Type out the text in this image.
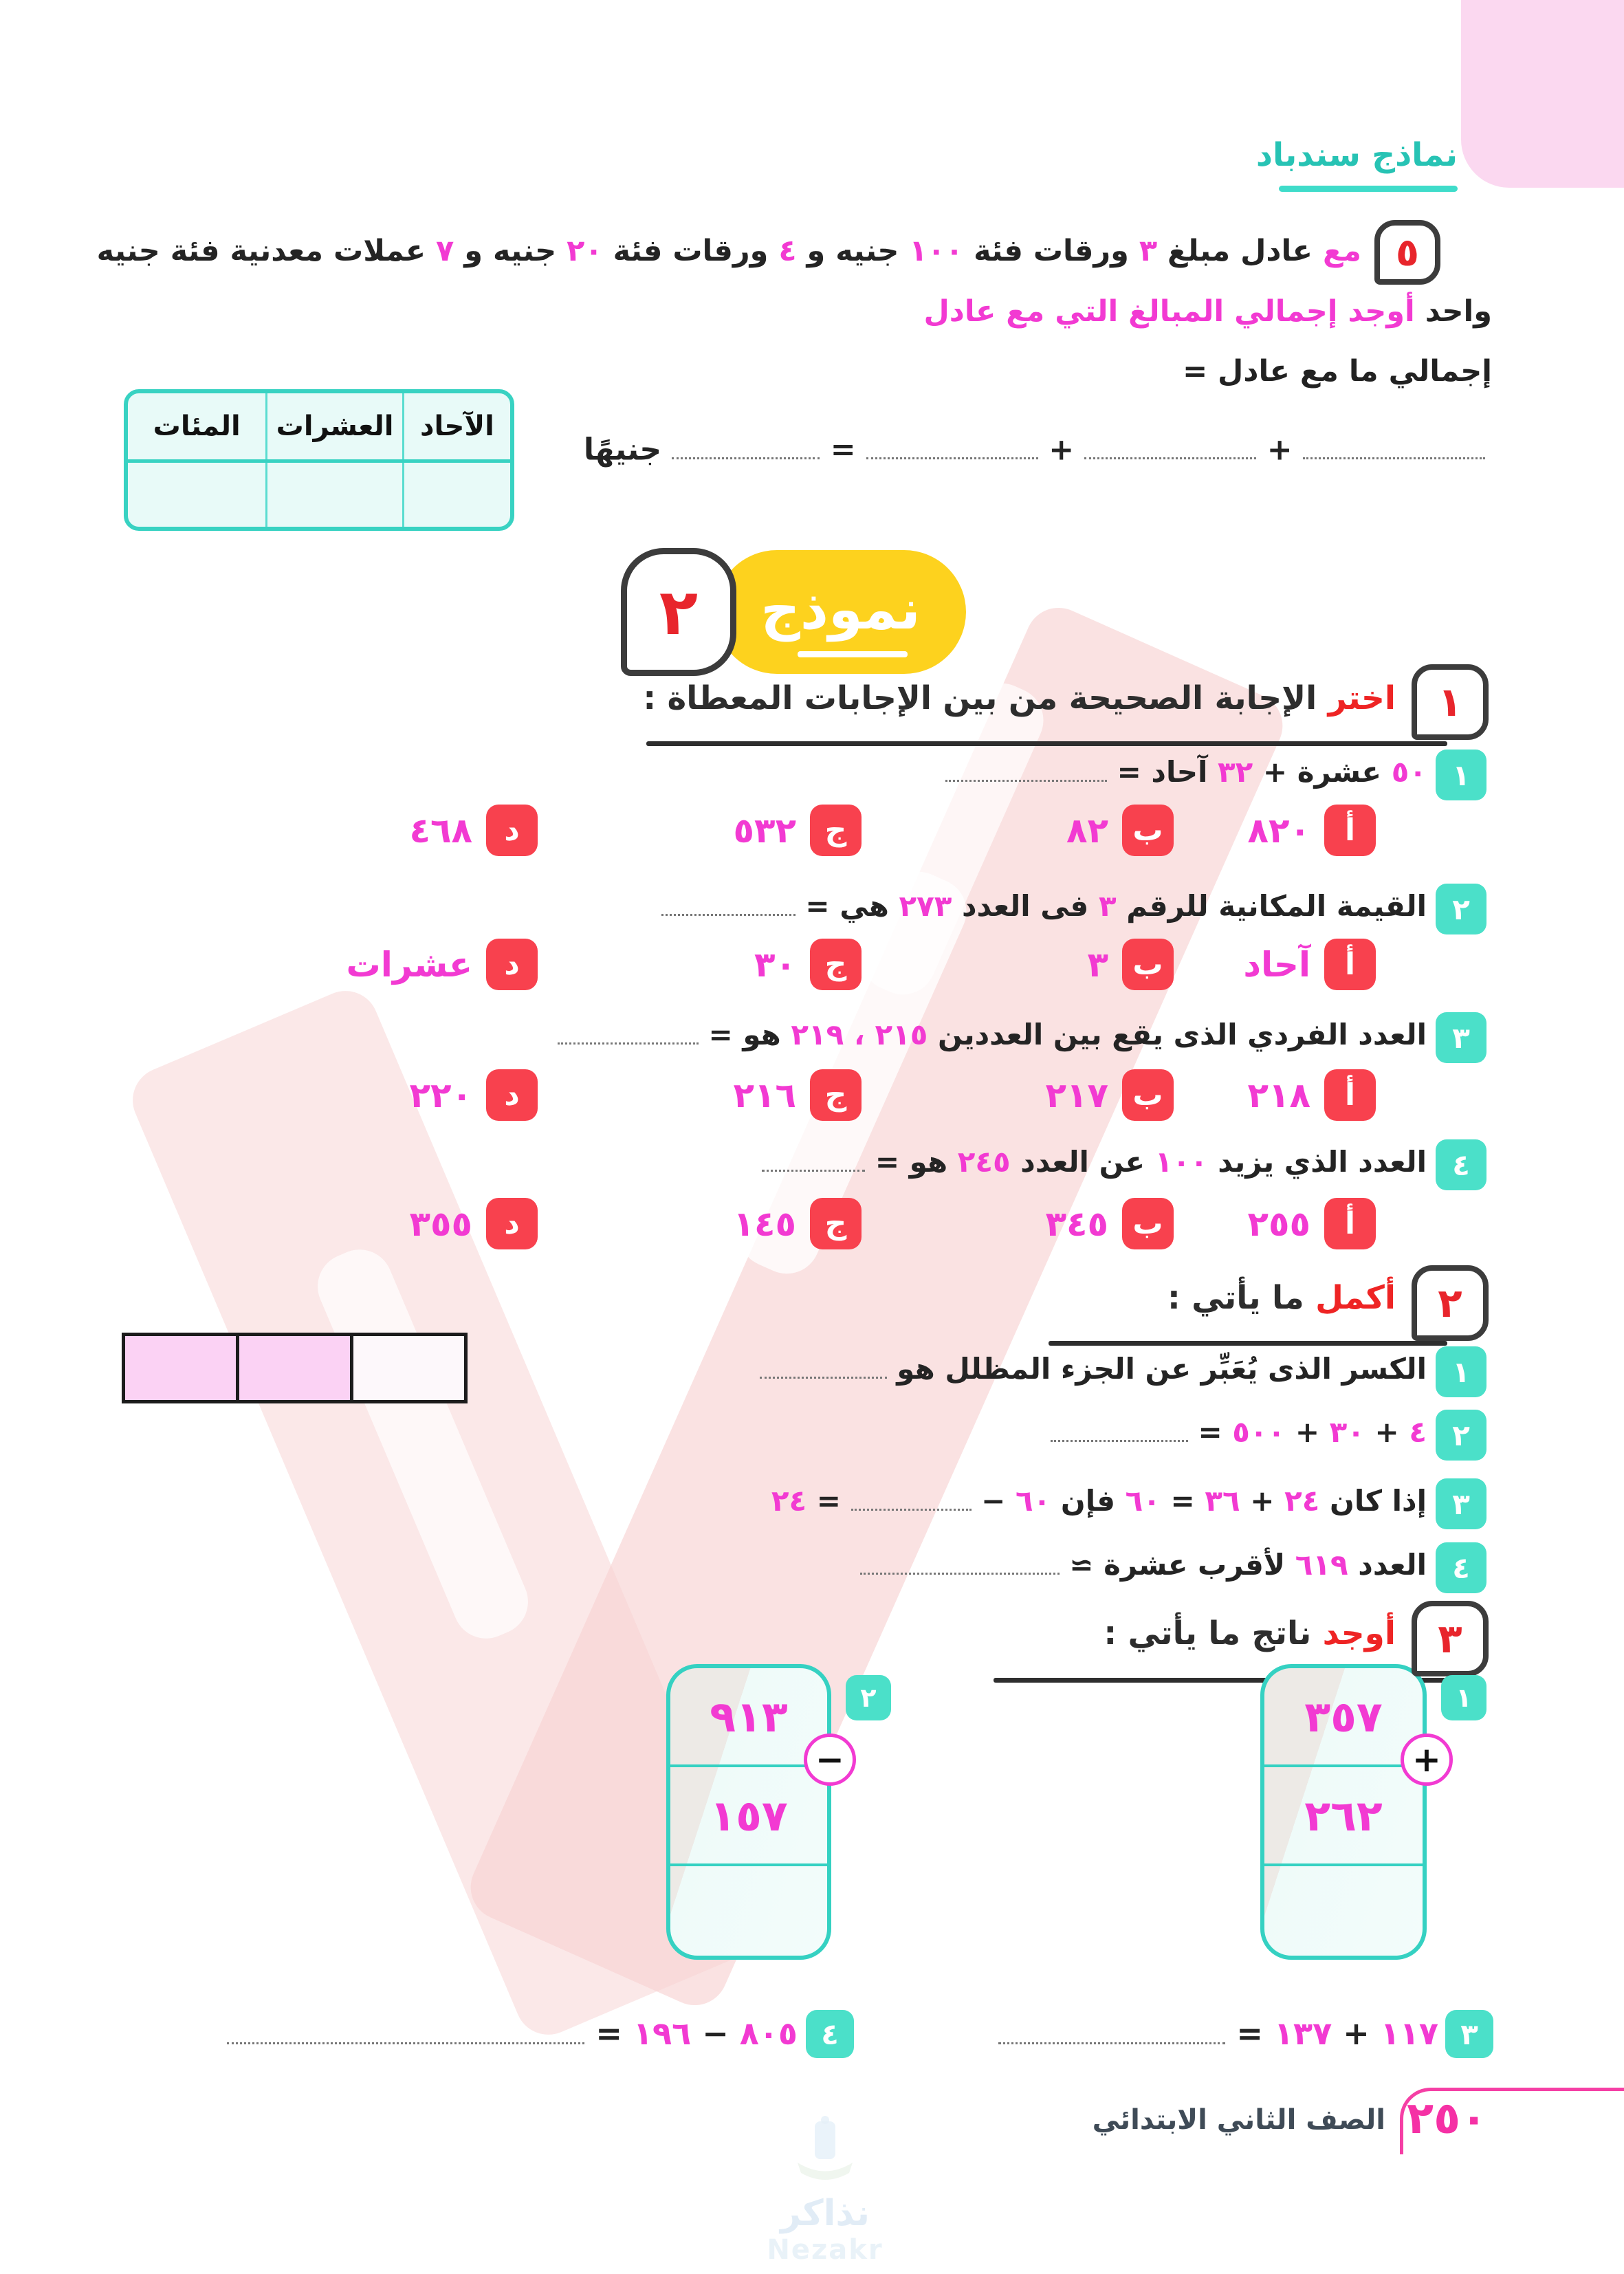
نماذج سندباد
٥
مع عادل مبلغ ٣ ورقات فئة ١٠٠ جنيه و ٤ ورقات فئة ٢٠ جنيه و ٧ عملات معدنية فئة جنيه
واحد أوجد إجمالي المبالغ التي مع عادل
إجمالي ما مع عادل =
الآحاد
العشرات
المئات
+  +  =  جنيهًا
نموذج
٢
١
اختر الإجابة الصحيحة من بين الإجابات المعطاة :
١
٥٠ عشرة + ٣٢ آحاد =
أ
٨٢٠
ب
٨٢
ج
٥٣٢
د
٤٦٨
٢
القيمة المكانية للرقم ٣ فى العدد ٢٧٣ هي =
أ
آحاد
ب
٣
ج
٣٠
د
عشرات
٣
العدد الفردي الذى يقع بين العددين ٢١٥ ، ٢١٩ هو =
أ
٢١٨
ب
٢١٧
ج
٢١٦
د
٢٢٠
٤
العدد الذي يزيد ١٠٠ عن العدد ٢٤٥ هو =
أ
٢٥٥
ب
٣٤٥
ج
١٤٥
د
٣٥٥
٢
أكمل ما يأتي :
١
الكسر الذى يُعَبِّر عن الجزء المظلل هو
٢
٤ + ٣٠ + ٥٠٠ =
٣
إذا كان ٢٤ + ٣٦ = ٦٠ فإن ٦٠ −  = ٢٤
٤
العدد ٦١٩ لأقرب عشرة ≃
٣
أوجد ناتج ما يأتي :
١
٣٥٧
٢٦٢
+
٢
٩١٣
١٥٧
−
٣
١١٧ + ١٣٧ =
٤
٨٠٥ − ١٩٦ =
٢٥٠
الصف الثاني الابتدائي
نذاكر
Nezakr
